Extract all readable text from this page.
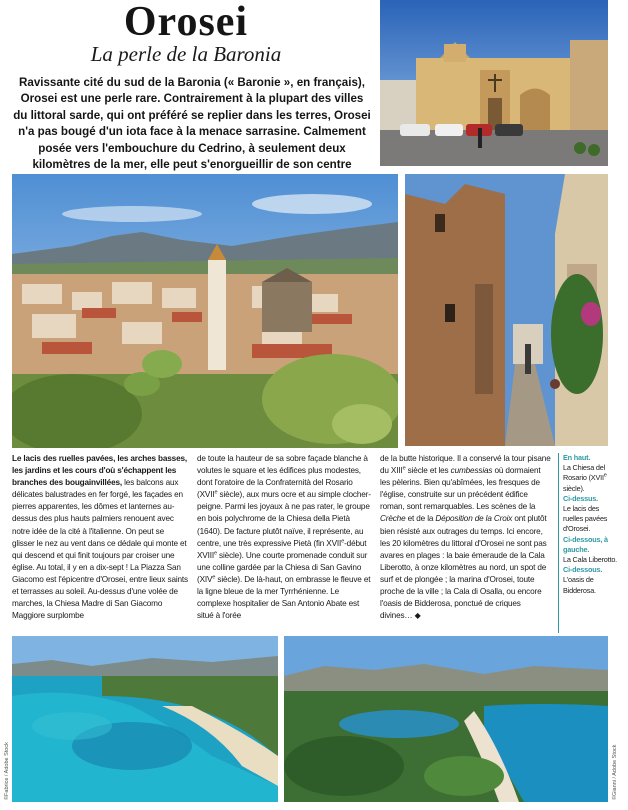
Orosei
La perle de la Baronia
Ravissante cité du sud de la Baronia (« Baronie », en français), Orosei est une perle rare. Contrairement à la plupart des villes du littoral sarde, qui ont préféré se replier dans les terres, Orosei n'a pas bougé d'un iota face à la menace sarrasine. Calmement posée vers l'embouchure du Cedrino, à seulement deux kilomètres de la mer, elle peut s'enorgueillir de son centre
Le lacis des ruelles pavées, les arches basses, les jardins et les cours d'où s'échappent les branches des bougainvillées, les balcons aux délicates balustrades en fer forgé, les façades en pierres apparentes, les dômes et lanternes au-dessus des plus hauts palmiers renouent avec notre idée de la cité à l'italienne. On peut se glisser le nez au vent dans ce dédale qui monte et qui descend et qui finit toujours par croiser une église. Au total, il y en a dix-sept ! La Piazza San Giacomo est l'épicentre d'Orosei, entre lieux saints et terrasses au soleil. Au-dessus d'une volée de marches, la Chiesa Madre di San Giacomo Maggiore surplombe
de toute la hauteur de sa sobre façade blanche à volutes le square et les édifices plus modestes, dont l'oratoire de la Confraternità del Rosario (XVIIe siècle), aux murs ocre et au simple clocher-peigne. Parmi les joyaux à ne pas rater, le groupe en bois polychrome de la Chiesa della Pietà (1640). De facture plutôt naïve, il représente, au centre, une très expressive Pietà (fin XVIIe-début XVIIIe siècle). Une courte promenade conduit sur une colline gardée par la Chiesa di San Gavino (XIVe siècle). De là-haut, on embrasse le fleuve et la ligne bleue de la mer Tyrrhénienne. Le complexe hospitalier de San Antonio Abate est situé à l'orée
de la butte historique. Il a conservé la tour pisane du XIIIe siècle et les cumbessias où dormaient les pèlerins. Bien qu'abîmées, les fresques de l'église, construite sur un précédent édifice roman, sont remarquables. Les scènes de la Crèche et de la Déposition de la Croix ont plutôt bien résisté aux outrages du temps. Ici encore, les 20 kilomètres du littoral d'Orosei ne sont pas avares en plages : la baie émeraude de la Cala Liberotto, à onze kilomètres au nord, un spot de surf et de plongée ; la marina d'Orosei, toute proche de la ville ; la Cala di Osalla, ou encore l'oasis de Bidderosa, ponctué de criques divines… ◆
En haut.
La Chiesa del Rosario (XVIIe siècle).
Ci-dessus.
Le lacis des ruelles pavées d'Orosei.
Ci-dessous, à gauche.
La Cala Liberotto.
Ci-dessous.
L'oasis de Bidderosa.
©Fabrice / Adobe Stock	©Gianni / Adobe Stock
